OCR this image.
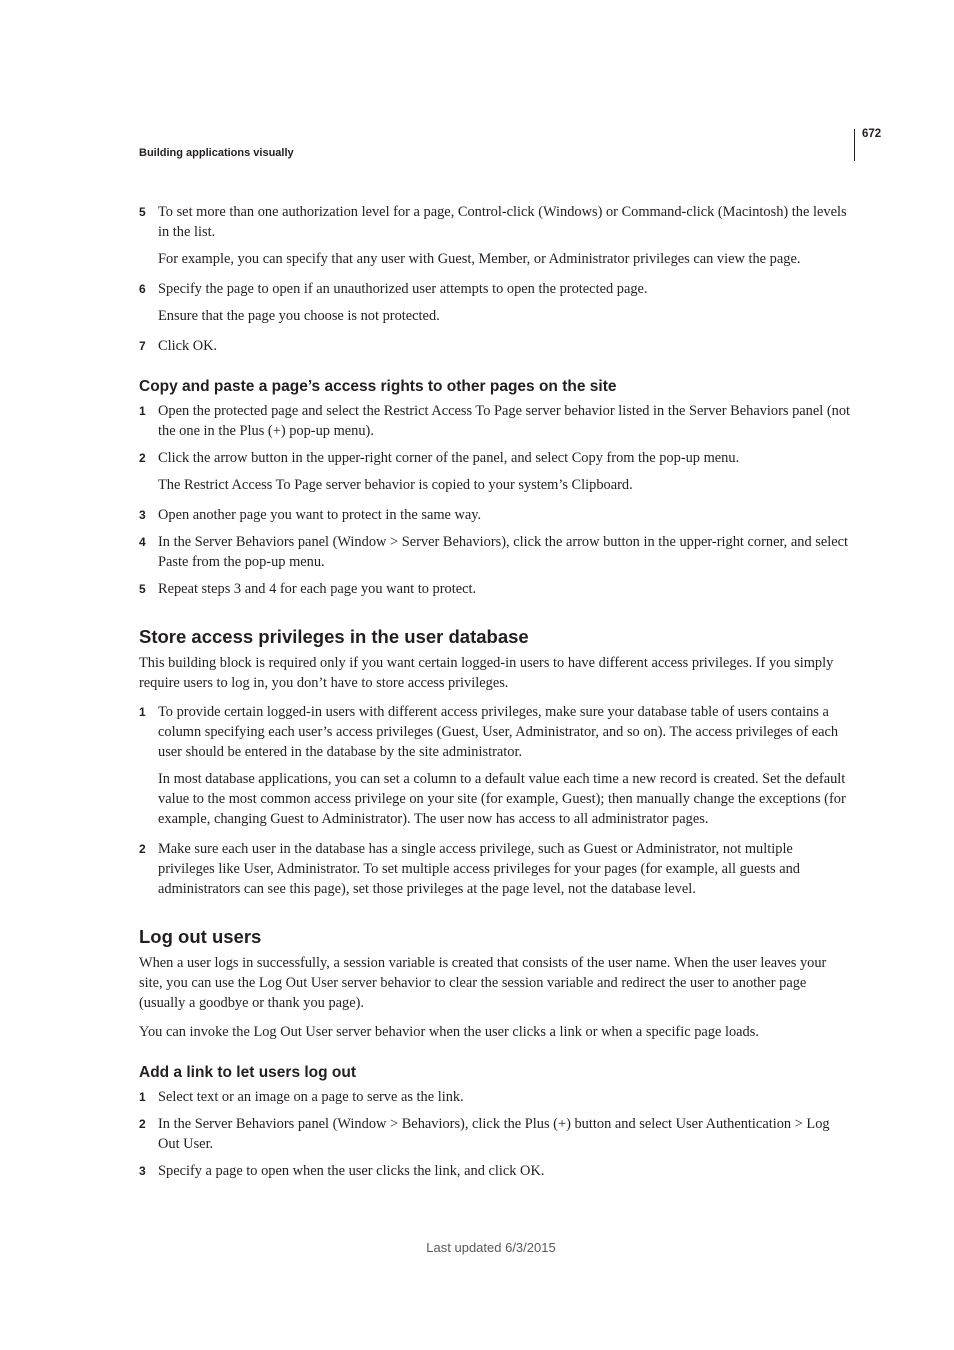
672
Building applications visually
5 To set more than one authorization level for a page, Control-click (Windows) or Command-click (Macintosh) the levels in the list.
For example, you can specify that any user with Guest, Member, or Administrator privileges can view the page.
6 Specify the page to open if an unauthorized user attempts to open the protected page.
Ensure that the page you choose is not protected.
7 Click OK.
Copy and paste a page’s access rights to other pages on the site
1 Open the protected page and select the Restrict Access To Page server behavior listed in the Server Behaviors panel (not the one in the Plus (+) pop-up menu).
2 Click the arrow button in the upper-right corner of the panel, and select Copy from the pop-up menu.
The Restrict Access To Page server behavior is copied to your system’s Clipboard.
3 Open another page you want to protect in the same way.
4 In the Server Behaviors panel (Window > Server Behaviors), click the arrow button in the upper-right corner, and select Paste from the pop-up menu.
5 Repeat steps 3 and 4 for each page you want to protect.
Store access privileges in the user database
This building block is required only if you want certain logged-in users to have different access privileges. If you simply require users to log in, you don’t have to store access privileges.
1 To provide certain logged-in users with different access privileges, make sure your database table of users contains a column specifying each user’s access privileges (Guest, User, Administrator, and so on). The access privileges of each user should be entered in the database by the site administrator.
In most database applications, you can set a column to a default value each time a new record is created. Set the default value to the most common access privilege on your site (for example, Guest); then manually change the exceptions (for example, changing Guest to Administrator). The user now has access to all administrator pages.
2 Make sure each user in the database has a single access privilege, such as Guest or Administrator, not multiple privileges like User, Administrator. To set multiple access privileges for your pages (for example, all guests and administrators can see this page), set those privileges at the page level, not the database level.
Log out users
When a user logs in successfully, a session variable is created that consists of the user name. When the user leaves your site, you can use the Log Out User server behavior to clear the session variable and redirect the user to another page (usually a goodbye or thank you page).
You can invoke the Log Out User server behavior when the user clicks a link or when a specific page loads.
Add a link to let users log out
1 Select text or an image on a page to serve as the link.
2 In the Server Behaviors panel (Window > Behaviors), click the Plus (+) button and select User Authentication > Log Out User.
3 Specify a page to open when the user clicks the link, and click OK.
Last updated 6/3/2015
